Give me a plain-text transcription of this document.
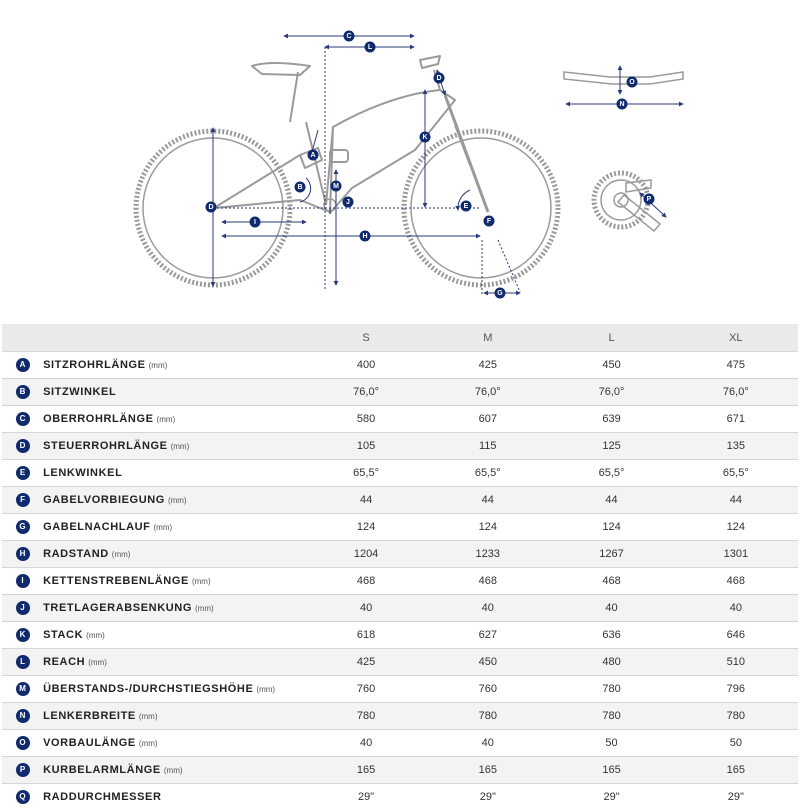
A
B
C
D
E
F
G
H
I
J
K
L
M
N
O
P
D
		S	M	L	XL
A	SITZROHRLÄNGE (mm)	400	425	450	475
B	SITZWINKEL	76,0°	76,0°	76,0°	76,0°
C	OBERROHRLÄNGE (mm)	580	607	639	671
D	STEUERROHRLÄNGE (mm)	105	115	125	135
E	LENKWINKEL	65,5°	65,5°	65,5°	65,5°
F	GABELVORBIEGUNG (mm)	44	44	44	44
G	GABELNACHLAUF (mm)	124	124	124	124
H	RADSTAND (mm)	1204	1233	1267	1301
I	KETTENSTREBENLÄNGE (mm)	468	468	468	468
J	TRETLAGERABSENKUNG (mm)	40	40	40	40
K	STACK (mm)	618	627	636	646
L	REACH (mm)	425	450	480	510
M	ÜBERSTANDS-/DURCHSTIEGSHÖHE (mm)	760	760	780	796
N	LENKERBREITE (mm)	780	780	780	780
O	VORBAULÄNGE (mm)	40	40	50	50
P	KURBELARMLÄNGE (mm)	165	165	165	165
Q	RADDURCHMESSER	29"	29"	29"	29"
